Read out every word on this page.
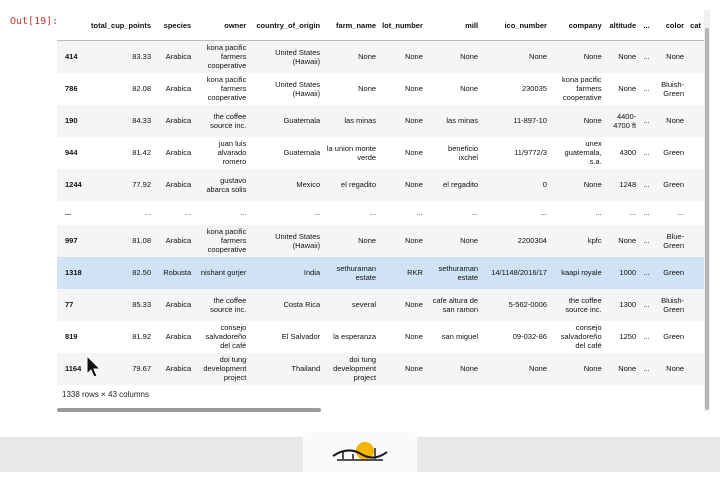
Out[19]:
		total_cup_points	species	owner	country_of_origin	farm_name	lot_number	mill	ico_number	company	altitude	...	color	cat
414	83.33	Arabica	kona pacific farmers cooperative	United States (Hawaii)	None	None	None	None	None	None	...	None	
786	82.08	Arabica	kona pacific farmers cooperative	United States (Hawaii)	None	None	None	230035	kona pacific farmers cooperative	None	...	Bluish-Green	
190	84.33	Arabica	the coffee source inc.	Guatemala	las minas	None	las minas	11-897-10	None	4400-4700 ft	...	None	
944	81.42	Arabica	juan luis alvarado romero	Guatemala	la union monte verde	None	beneficio ixchel	11/9772/3	unex guatemala, s.a.	4300	...	Green	
1244	77.92	Arabica	gustavo abarca solis	Mexico	el regadito	None	el regadito	0	None	1248	...	Green	
...	...	...	...	...	...	...	...	...	...	...	...	...	
997	81.08	Arabica	kona pacific farmers cooperative	United States (Hawaii)	None	None	None	2200304	kpfc	None	...	Blue-Green	
1318	82.50	Robusta	nishant gurjer	India	sethuraman estate	RKR	sethuraman estate	14/1148/2016/17	kaapi royale	1000	...	Green	
77	85.33	Arabica	the coffee source inc.	Costa Rica	several	None	cafe altura de san ramon	5-562-0006	the coffee source inc.	1300	...	Bluish-Green	
819	81.92	Arabica	consejo salvadoreño del café	El Salvador	la esperanza	None	san miguel	09-032-86	consejo salvadoreño del café	1250	...	Green	
1164	79.67	Arabica	doi tung development project	Thailand	doi tung development project	None	None	None	None	None	...	None	
1338 rows × 43 columns
